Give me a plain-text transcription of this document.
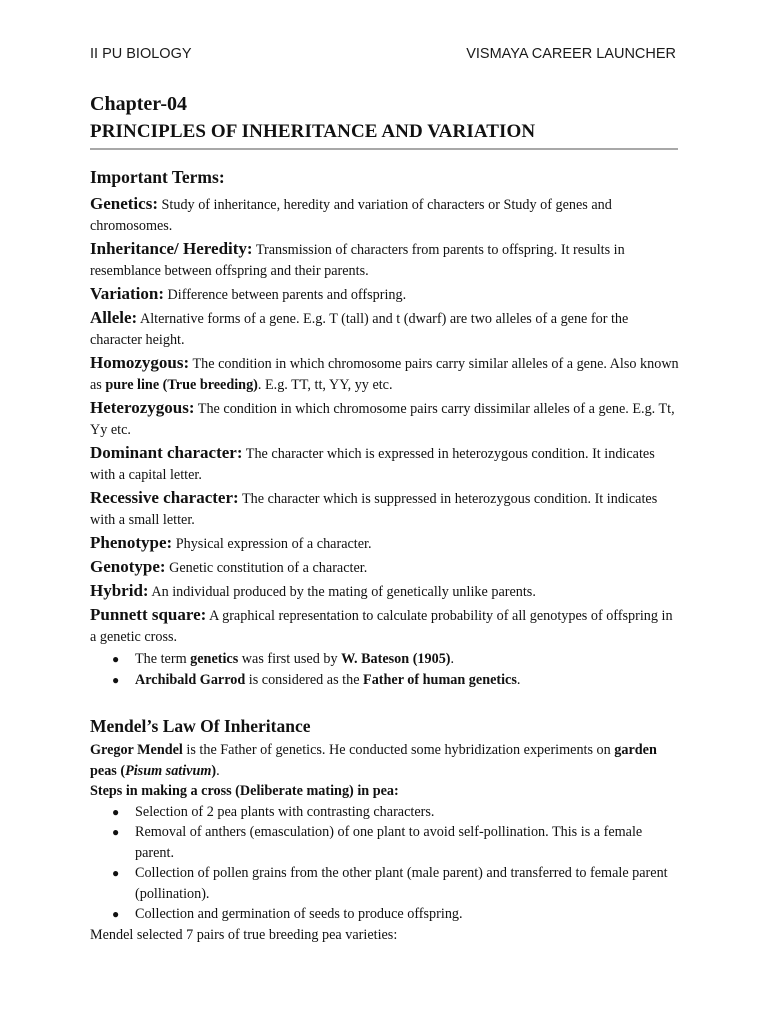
II PU BIOLOGY	VISMAYA CAREER LAUNCHER
Chapter-04
PRINCIPLES OF INHERITANCE AND VARIATION
Important Terms:
Genetics: Study of inheritance, heredity and variation of characters or Study of genes and chromosomes.
Inheritance/ Heredity: Transmission of characters from parents to offspring. It results in resemblance between offspring and their parents.
Variation: Difference between parents and offspring.
Allele: Alternative forms of a gene. E.g. T (tall) and t (dwarf) are two alleles of a gene for the character height.
Homozygous: The condition in which chromosome pairs carry similar alleles of a gene. Also known as pure line (True breeding). E.g. TT, tt, YY, yy etc.
Heterozygous: The condition in which chromosome pairs carry dissimilar alleles of a gene. E.g. Tt, Yy etc.
Dominant character: The character which is expressed in heterozygous condition. It indicates with a capital letter.
Recessive character: The character which is suppressed in heterozygous condition. It indicates with a small letter.
Phenotype: Physical expression of a character.
Genotype: Genetic constitution of a character.
Hybrid: An individual produced by the mating of genetically unlike parents.
Punnett square: A graphical representation to calculate probability of all genotypes of offspring in a genetic cross.
● The term genetics was first used by W. Bateson (1905).
● Archibald Garrod is considered as the Father of human genetics.
Mendel’s Law Of Inheritance

Gregor Mendel is the Father of genetics. He conducted some hybridization experiments on garden peas (Pisum sativum).

Steps in making a cross (Deliberate mating) in pea:

● Selection of 2 pea plants with contrasting characters.
● Removal of anthers (emasculation) of one plant to avoid self-pollination. This is a female parent.
● Collection of pollen grains from the other plant (male parent) and transferred to female parent (pollination).
● Collection and germination of seeds to produce offspring.

Mendel selected 7 pairs of true breeding pea varieties:
